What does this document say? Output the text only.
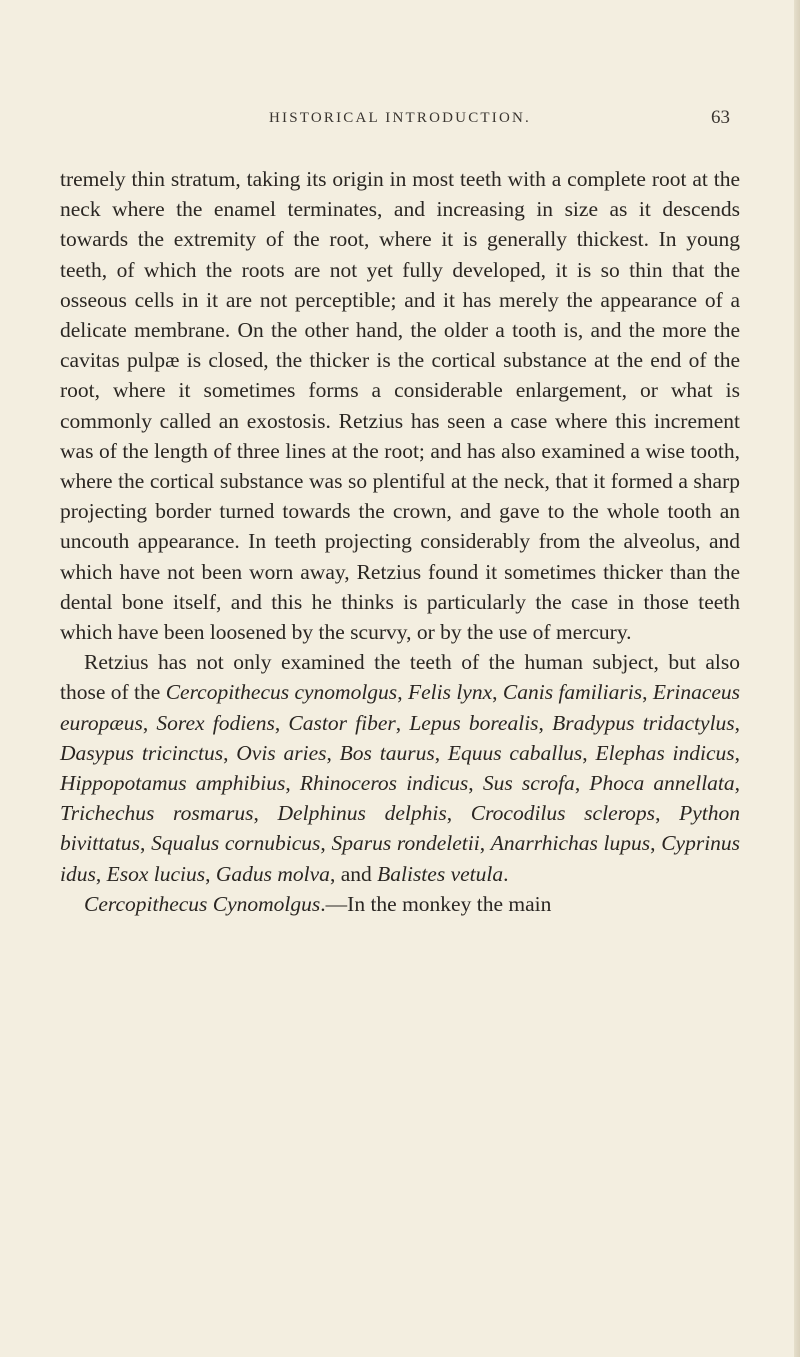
HISTORICAL INTRODUCTION.	63

tremely thin stratum, taking its origin in most teeth with a complete root at the neck where the enamel terminates, and increasing in size as it descends towards the extremity of the root, where it is generally thickest. In young teeth, of which the roots are not yet fully developed, it is so thin that the osseous cells in it are not perceptible; and it has merely the appearance of a delicate membrane. On the other hand, the older a tooth is, and the more the cavitas pulpæ is closed, the thicker is the cortical substance at the end of the root, where it sometimes forms a considerable enlargement, or what is commonly called an exostosis. Retzius has seen a case where this increment was of the length of three lines at the root; and has also examined a wise tooth, where the cortical substance was so plentiful at the neck, that it formed a sharp projecting border turned towards the crown, and gave to the whole tooth an uncouth appearance. In teeth projecting considerably from the alveolus, and which have not been worn away, Retzius found it sometimes thicker than the dental bone itself, and this he thinks is particularly the case in those teeth which have been loosened by the scurvy, or by the use of mercury.

Retzius has not only examined the teeth of the human subject, but also those of the Cercopithecus cynomolgus, Felis lynx, Canis familiaris, Erinaceus europæus, Sorex fodiens, Castor fiber, Lepus borealis, Bradypus tridactylus, Dasypus tricinctus, Ovis aries, Bos taurus, Equus caballus, Elephas indicus, Hippopotamus amphibius, Rhinoceros indicus, Sus scrofa, Phoca annellata, Trichechus rosmarus, Delphinus delphis, Crocodilus sclerops, Python bivittatus, Squalus cornubicus, Sparus rondeletii, Anarrhichas lupus, Cyprinus idus, Esox lucius, Gadus molva, and Balistes vetula.

Cercopithecus Cynomolgus.—In the monkey the main
